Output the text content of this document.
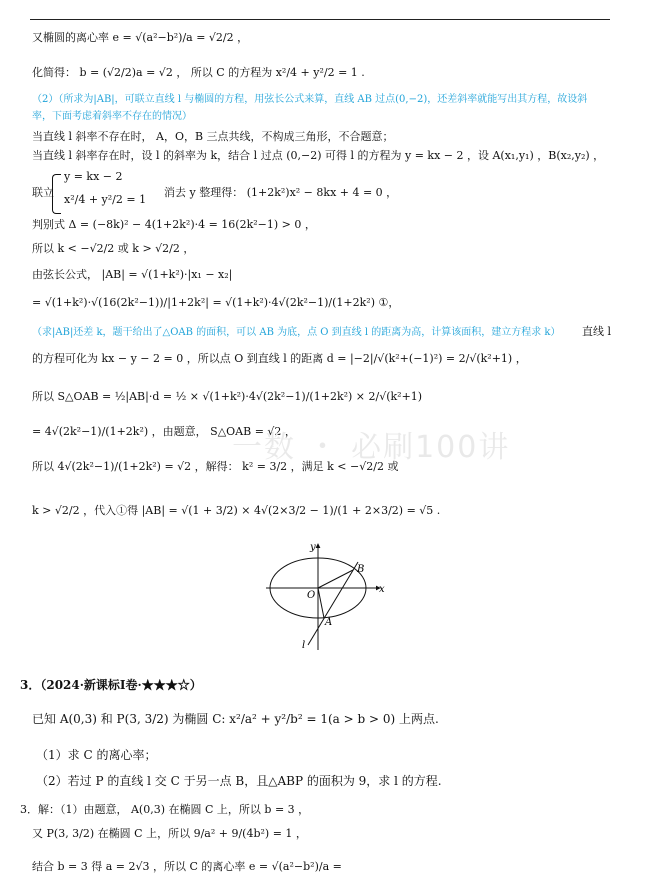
又椭圆的离心率 e = √(a²−b²)/a = √2/2 ，
化简得： b = (√2/2)a = √2 ， 所以 C 的方程为 x²/4 + y²/2 = 1 .
（2）（所求为|AB|，可联立直线 l 与椭圆的方程，用弦长公式来算，直线 AB 过点(0,−2)，还差斜率就能写出其方程，故设斜
率，下面考虑着斜率不存在的情况）
当直线 l 斜率不存在时， A，O，B 三点共线，不构成三角形，不合题意；
当直线 l 斜率存在时，设 l 的斜率为 k，结合 l 过点 (0,−2) 可得 l 的方程为 y = kx − 2 ，设 A(x₁,y₁) ，B(x₂,y₂) ，
联立
y = kx − 2
x²/4 + y²/2 = 1
消去 y 整理得： (1+2k²)x² − 8kx + 4 = 0 ，
判别式 Δ = (−8k)² − 4(1+2k²)·4 = 16(2k²−1) > 0 ，
所以 k < −√2/2 或 k > √2/2 ，
由弦长公式， |AB| = √(1+k²)·|x₁ − x₂|
= √(1+k²)·√(16(2k²−1))/|1+2k²| = √(1+k²)·4√(2k²−1)/(1+2k²) ①，
（求|AB|还差 k，题干给出了△OAB 的面积，可以 AB 为底，点 O 到直线 l 的距离为高，计算该面积，建立方程求 k） 直线 l
的方程可化为 kx − y − 2 = 0 ，所以点 O 到直线 l 的距离 d = |−2|/√(k²+(−1)²) = 2/√(k²+1) ，
所以 S△OAB = ½|AB|·d = ½ × √(1+k²)·4√(2k²−1)/(1+2k²) × 2/√(k²+1)
= 4√(2k²−1)/(1+2k²) ，由题意， S△OAB = √2 ，
所以 4√(2k²−1)/(1+2k²) = √2 ，解得： k² = 3/2 ，满足 k < −√2/2 或
k > √2/2 ，代入①得 |AB| = √(1 + 3/2) × 4√(2×3/2 − 1)/(1 + 2×3/2) = √5 .
一数 ・ 必刷100讲
y
x
O
A
B
l
3．（2024·新课标Ⅰ卷·★★★☆）
已知 A(0,3) 和 P(3, 3/2) 为椭圆 C: x²/a² + y²/b² = 1(a > b > 0) 上两点.
（1）求 C 的离心率；
（2）若过 P 的直线 l 交 C 于另一点 B，且△ABP 的面积为 9，求 l 的方程.
3．解：（1）由题意， A(0,3) 在椭圆 C 上，所以 b = 3 ，
又 P(3, 3/2) 在椭圆 C 上，所以 9/a² + 9/(4b²) = 1 ，
结合 b = 3 得 a = 2√3 ，所以 C 的离心率 e = √(a²−b²)/a =
